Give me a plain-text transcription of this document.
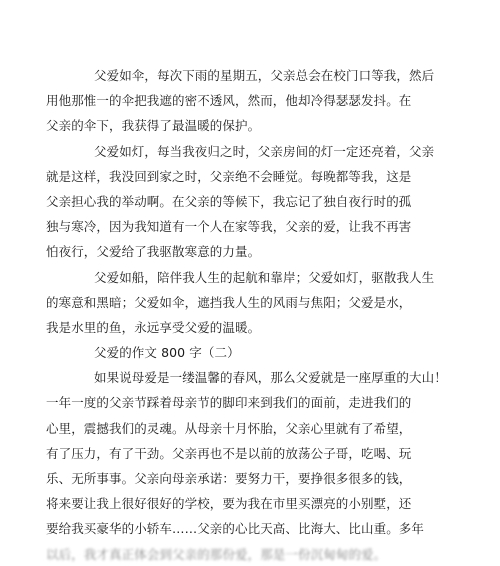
父爱如伞，每次下雨的星期五，父亲总会在校门口等我，然后
用他那惟一的伞把我遮的密不透风，然而，他却冷得瑟瑟发抖。在
父亲的伞下，我获得了最温暖的保护。

父爱如灯，每当我夜归之时，父亲房间的灯一定还亮着，父亲
就是这样，我没回到家之时，父亲绝不会睡觉。每晚都等我，这是
父亲担心我的举动啊。在父亲的等候下，我忘记了独自夜行时的孤
独与寒冷，因为我知道有一个人在家等我，父亲的爱，让我不再害
怕夜行，父爱给了我驱散寒意的力量。

父爱如船，陪伴我人生的起航和靠岸；父爱如灯，驱散我人生
的寒意和黑暗；父爱如伞，遮挡我人生的风雨与焦阳；父爱是水，
我是水里的鱼，永远享受父爱的温暖。

父爱的作文 800 字（二）

如果说母爱是一缕温馨的春风，那么父爱就是一座厚重的大山！
一年一度的父亲节踩着母亲节的脚印来到我们的面前，走进我们的
心里，震撼我们的灵魂。从母亲十月怀胎，父亲心里就有了希望，
有了压力，有了干劲。父亲再也不是以前的放荡公子哥，吃喝、玩
乐、无所事事。父亲向母亲承诺：要努力干，要挣很多很多的钱，
将来要让我上很好很好的学校，要为我在市里买漂亮的小别墅，还
要给我买豪华的小轿车……父亲的心比天高、比海大、比山重。多年
以后，我才真正体会到父亲的那份爱，那是一份沉甸甸的爱。
